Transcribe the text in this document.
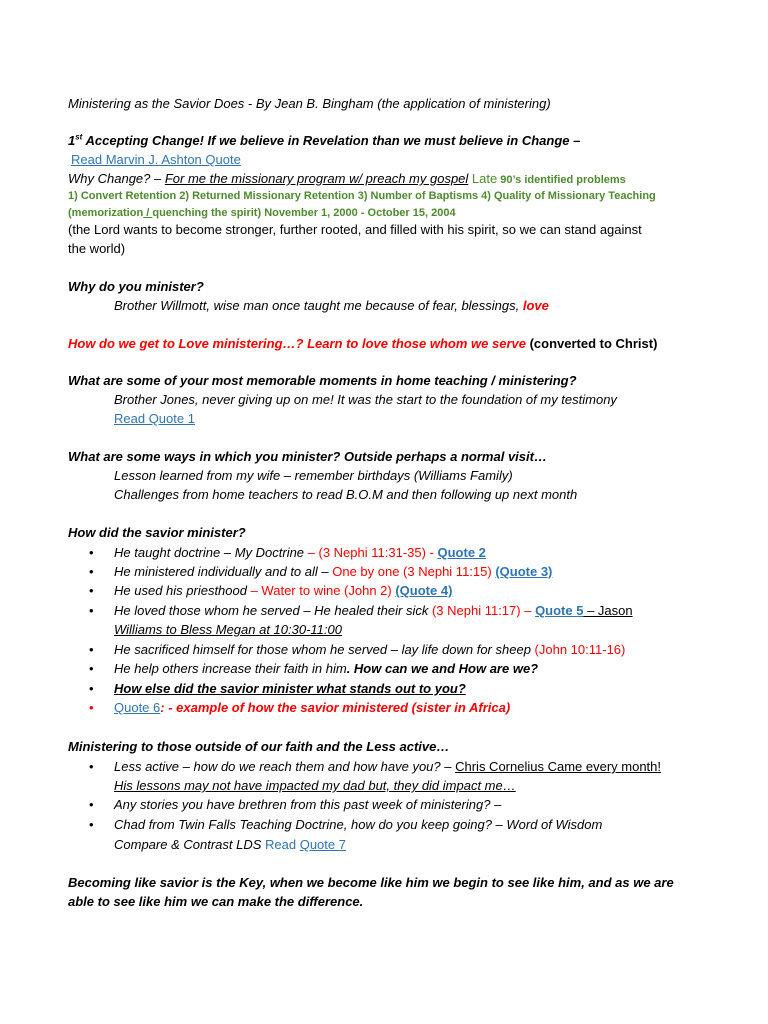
Ministering as the Savior Does - By Jean B. Bingham (the application of ministering)
1st Accepting Change! If we believe in Revelation than we must believe in Change –
Read Marvin J. Ashton Quote
Why Change? – For me the missionary program w/ preach my gospel Late 90’s identified problems
1) Convert Retention 2) Returned Missionary Retention 3) Number of Baptisms 4) Quality of Missionary Teaching
(memorization / quenching the spirit) November 1, 2000 - October 15, 2004
(the Lord wants to become stronger, further rooted, and filled with his spirit, so we can stand against
the world)
Why do you minister?
Brother Willmott, wise man once taught me because of fear, blessings, love
How do we get to Love ministering…? Learn to love those whom we serve (converted to Christ)
What are some of your most memorable moments in home teaching / ministering?
Brother Jones, never giving up on me! It was the start to the foundation of my testimony
Read Quote 1
What are some ways in which you minister? Outside perhaps a normal visit…
Lesson learned from my wife – remember birthdays (Williams Family)
Challenges from home teachers to read B.O.M and then following up next month
How did the savior minister?
• He taught doctrine – My Doctrine – (3 Nephi 11:31-35) - Quote 2
• He ministered individually and to all – One by one (3 Nephi 11:15) (Quote 3)
• He used his priesthood – Water to wine (John 2) (Quote 4)
• He loved those whom he served – He healed their sick (3 Nephi 11:17) – Quote 5 – Jason
Williams to Bless Megan at 10:30-11:00
• He sacrificed himself for those whom he served – lay life down for sheep (John 10:11-16)
• He help others increase their faith in him. How can we and How are we?
• How else did the savior minister what stands out to you?
• Quote 6: - example of how the savior ministered (sister in Africa)
Ministering to those outside of our faith and the Less active…
• Less active – how do we reach them and how have you? – Chris Cornelius Came every month!
His lessons may not have impacted my dad but, they did impact me…
• Any stories you have brethren from this past week of ministering? –
• Chad from Twin Falls Teaching Doctrine, how do you keep going? – Word of Wisdom
Compare & Contrast LDS Read Quote 7
Becoming like savior is the Key, when we become like him we begin to see like him, and as we are
able to see like him we can make the difference.
